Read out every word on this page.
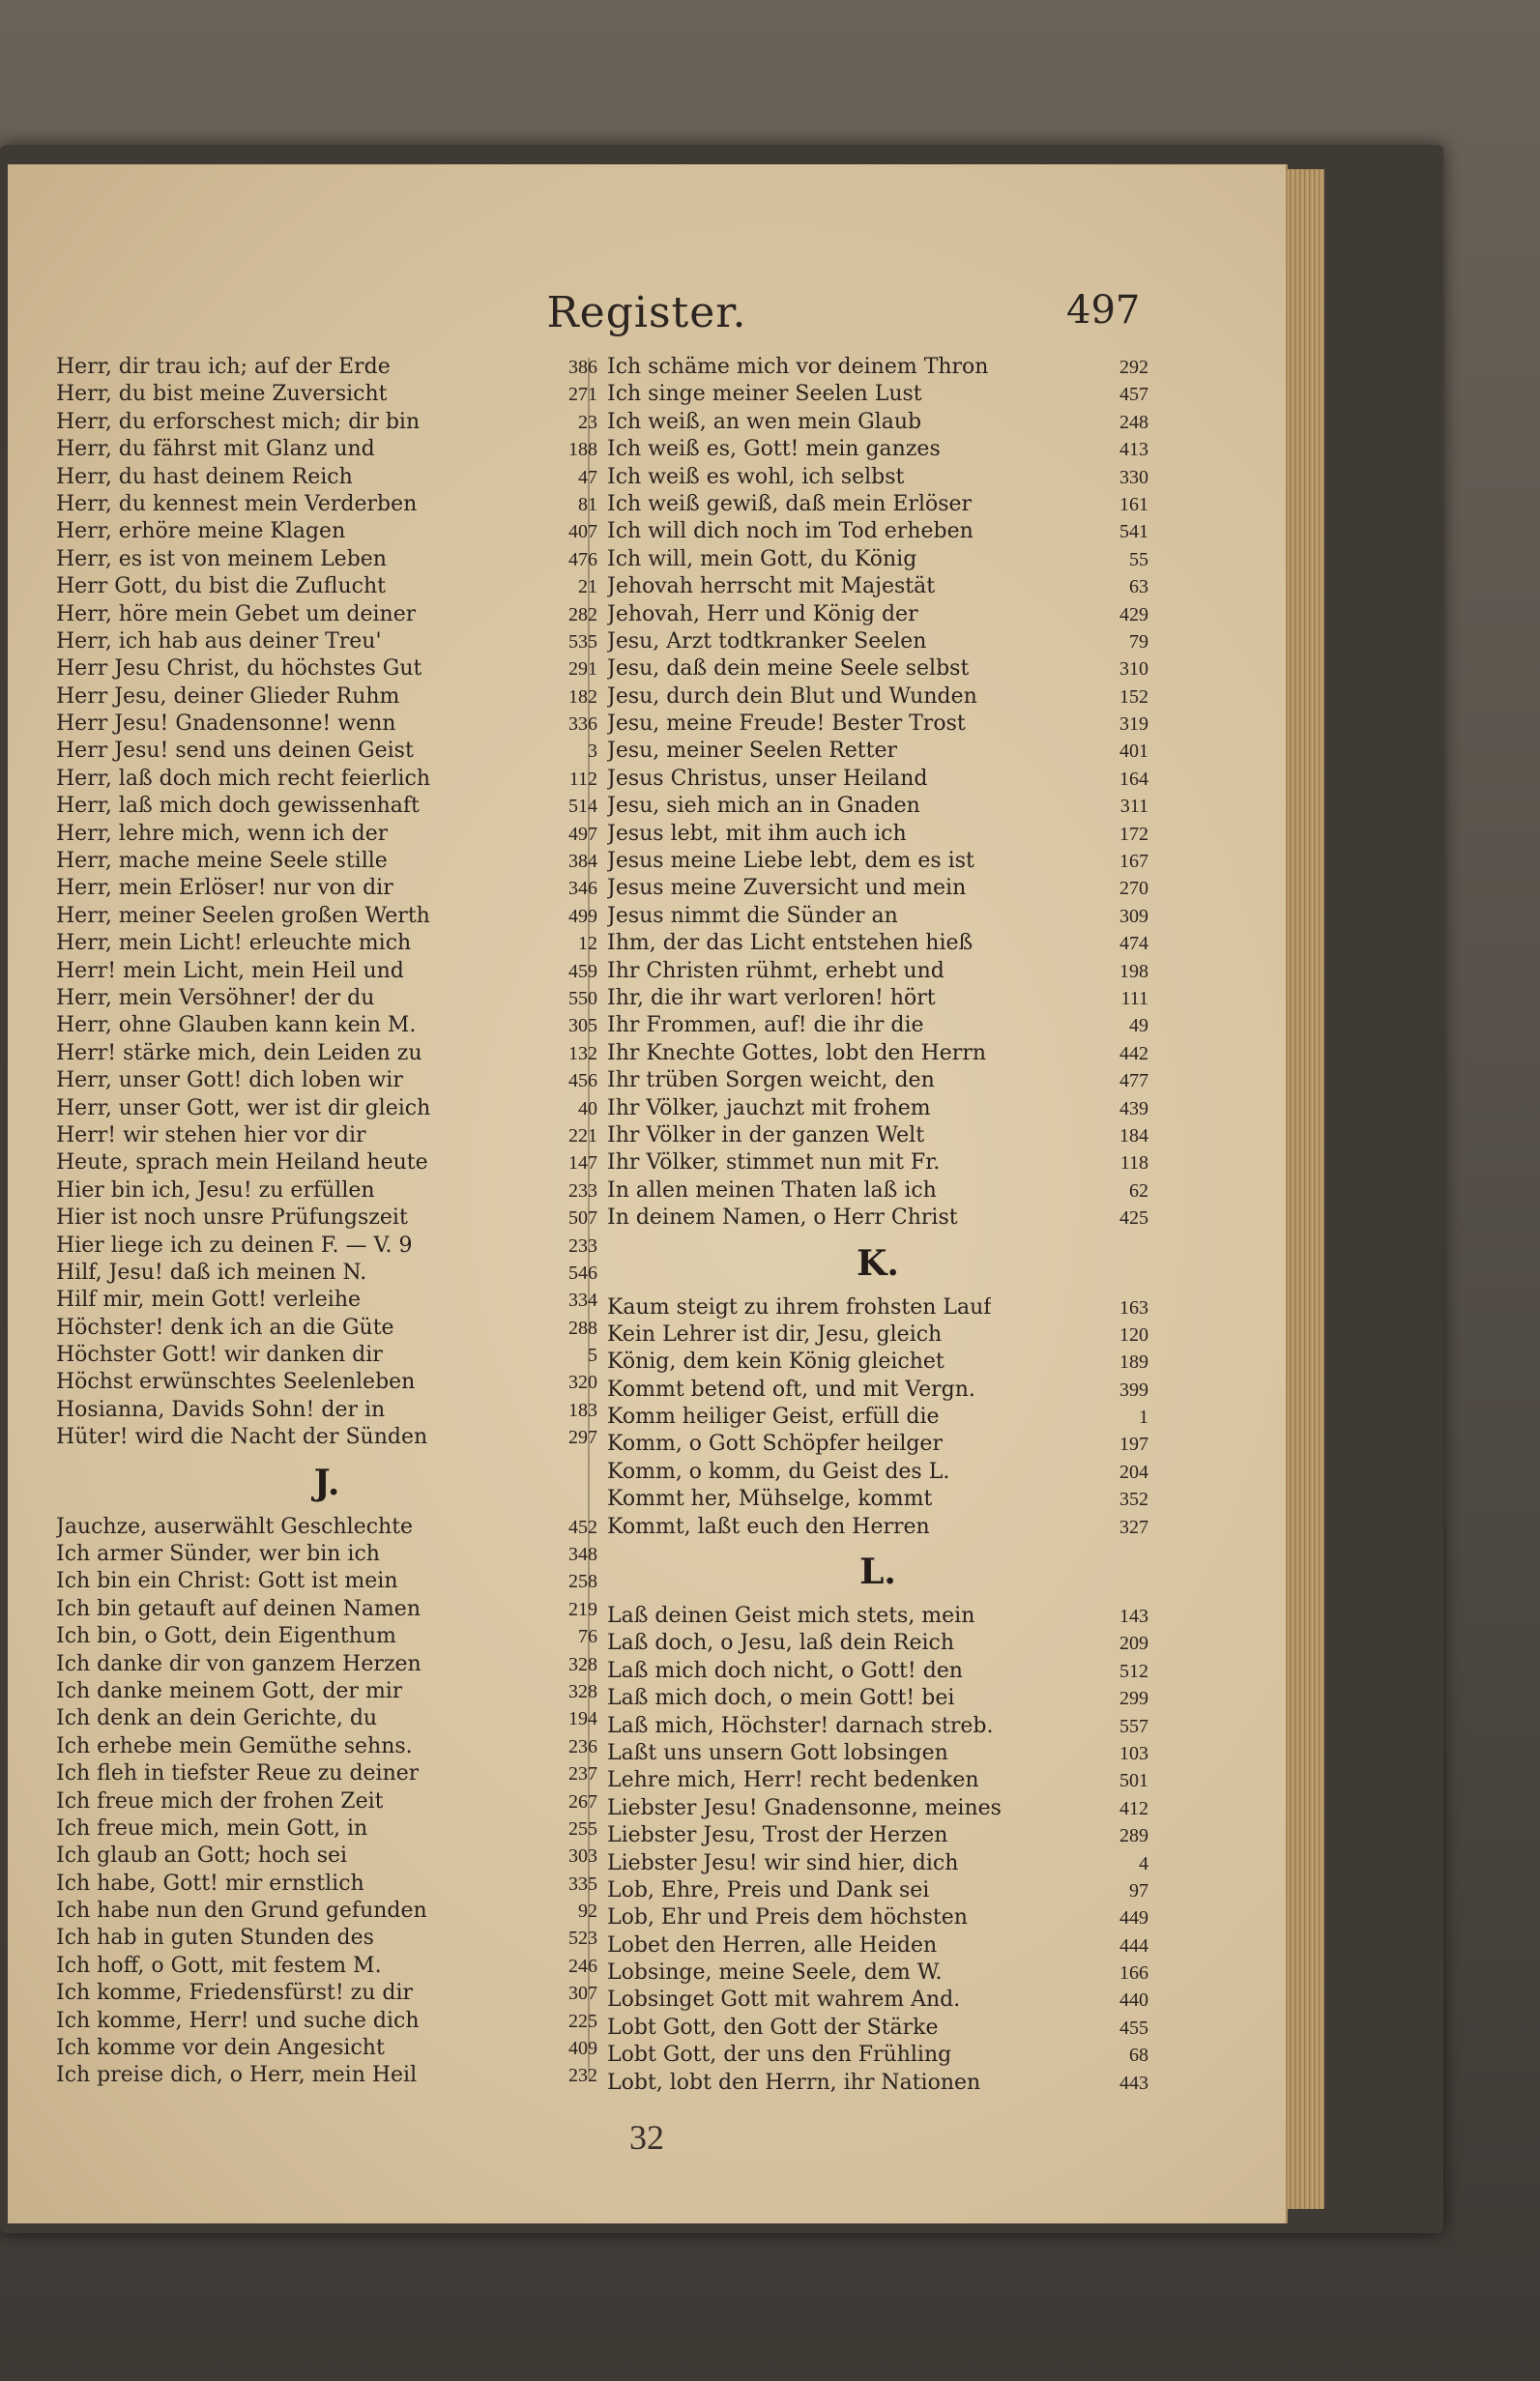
Register.	497
Herr, dir trau ich; auf der Erde	386
Herr, du bist meine Zuversicht	271
Herr, du erforschest mich; dir bin	23
Herr, du fährst mit Glanz und	188
Herr, du hast deinem Reich	47
Herr, du kennest mein Verderben	81
Herr, erhöre meine Klagen	407
Herr, es ist von meinem Leben	476
Herr Gott, du bist die Zuflucht	21
Herr, höre mein Gebet um deiner	282
Herr, ich hab aus deiner Treu'	535
Herr Jesu Christ, du höchstes Gut	291
Herr Jesu, deiner Glieder Ruhm	182
Herr Jesu! Gnadensonne! wenn	336
Herr Jesu! send uns deinen Geist	3
Herr, laß doch mich recht feierlich	112
Herr, laß mich doch gewissenhaft	514
Herr, lehre mich, wenn ich der	497
Herr, mache meine Seele stille	384
Herr, mein Erlöser! nur von dir	346
Herr, meiner Seelen großen Werth	499
Herr, mein Licht! erleuchte mich	12
Herr! mein Licht, mein Heil und	459
Herr, mein Versöhner! der du	550
Herr, ohne Glauben kann kein M.	305
Herr! stärke mich, dein Leiden zu	132
Herr, unser Gott! dich loben wir	456
Herr, unser Gott, wer ist dir gleich	40
Herr! wir stehen hier vor dir	221
Heute, sprach mein Heiland heute	147
Hier bin ich, Jesu! zu erfüllen	233
Hier ist noch unsre Prüfungszeit	507
Hier liege ich zu deinen F. — V. 9	233
Hilf, Jesu! daß ich meinen N.	546
Hilf mir, mein Gott! verleihe	334
Höchster! denk ich an die Güte	288
Höchster Gott! wir danken dir	5
Höchst erwünschtes Seelenleben	320
Hosianna, Davids Sohn! der in	183
Hüter! wird die Nacht der Sünden	297
J.
Jauchze, auserwählt Geschlechte	452
Ich armer Sünder, wer bin ich	348
Ich bin ein Christ: Gott ist mein	258
Ich bin getauft auf deinen Namen	219
Ich bin, o Gott, dein Eigenthum	76
Ich danke dir von ganzem Herzen	328
Ich danke meinem Gott, der mir	328
Ich denk an dein Gerichte, du	194
Ich erhebe mein Gemüthe sehns.	236
Ich fleh in tiefster Reue zu deiner	237
Ich freue mich der frohen Zeit	267
Ich freue mich, mein Gott, in	255
Ich glaub an Gott; hoch sei	303
Ich habe, Gott! mir ernstlich	335
Ich habe nun den Grund gefunden	92
Ich hab in guten Stunden des	523
Ich hoff, o Gott, mit festem M.	246
Ich komme, Friedensfürst! zu dir	307
Ich komme, Herr! und suche dich	225
Ich komme vor dein Angesicht	409
Ich preise dich, o Herr, mein Heil	232
Ich schäme mich vor deinem Thron	292
Ich singe meiner Seelen Lust	457
Ich weiß, an wen mein Glaub	248
Ich weiß es, Gott! mein ganzes	413
Ich weiß es wohl, ich selbst	330
Ich weiß gewiß, daß mein Erlöser	161
Ich will dich noch im Tod erheben	541
Ich will, mein Gott, du König	55
Jehovah herrscht mit Majestät	63
Jehovah, Herr und König der	429
Jesu, Arzt todtkranker Seelen	79
Jesu, daß dein meine Seele selbst	310
Jesu, durch dein Blut und Wunden	152
Jesu, meine Freude! Bester Trost	319
Jesu, meiner Seelen Retter	401
Jesus Christus, unser Heiland	164
Jesu, sieh mich an in Gnaden	311
Jesus lebt, mit ihm auch ich	172
Jesus meine Liebe lebt, dem es ist	167
Jesus meine Zuversicht und mein	270
Jesus nimmt die Sünder an	309
Ihm, der das Licht entstehen hieß	474
Ihr Christen rühmt, erhebt und	198
Ihr, die ihr wart verloren! hört	111
Ihr Frommen, auf! die ihr die	49
Ihr Knechte Gottes, lobt den Herrn	442
Ihr trüben Sorgen weicht, den	477
Ihr Völker, jauchzt mit frohem	439
Ihr Völker in der ganzen Welt	184
Ihr Völker, stimmet nun mit Fr.	118
In allen meinen Thaten laß ich	62
In deinem Namen, o Herr Christ	425
K.
Kaum steigt zu ihrem frohsten Lauf	163
Kein Lehrer ist dir, Jesu, gleich	120
König, dem kein König gleichet	189
Kommt betend oft, und mit Vergn.	399
Komm heiliger Geist, erfüll die	1
Komm, o Gott Schöpfer heilger	197
Komm, o komm, du Geist des L.	204
Kommt her, Mühselge, kommt	352
Kommt, laßt euch den Herren	327
L.
Laß deinen Geist mich stets, mein	143
Laß doch, o Jesu, laß dein Reich	209
Laß mich doch nicht, o Gott! den	512
Laß mich doch, o mein Gott! bei	299
Laß mich, Höchster! darnach streb.	557
Laßt uns unsern Gott lobsingen	103
Lehre mich, Herr! recht bedenken	501
Liebster Jesu! Gnadensonne, meines	412
Liebster Jesu, Trost der Herzen	289
Liebster Jesu! wir sind hier, dich	4
Lob, Ehre, Preis und Dank sei	97
Lob, Ehr und Preis dem höchsten	449
Lobet den Herren, alle Heiden	444
Lobsinge, meine Seele, dem W.	166
Lobsinget Gott mit wahrem And.	440
Lobt Gott, den Gott der Stärke	455
Lobt Gott, der uns den Frühling	68
Lobt, lobt den Herrn, ihr Nationen	443
32
